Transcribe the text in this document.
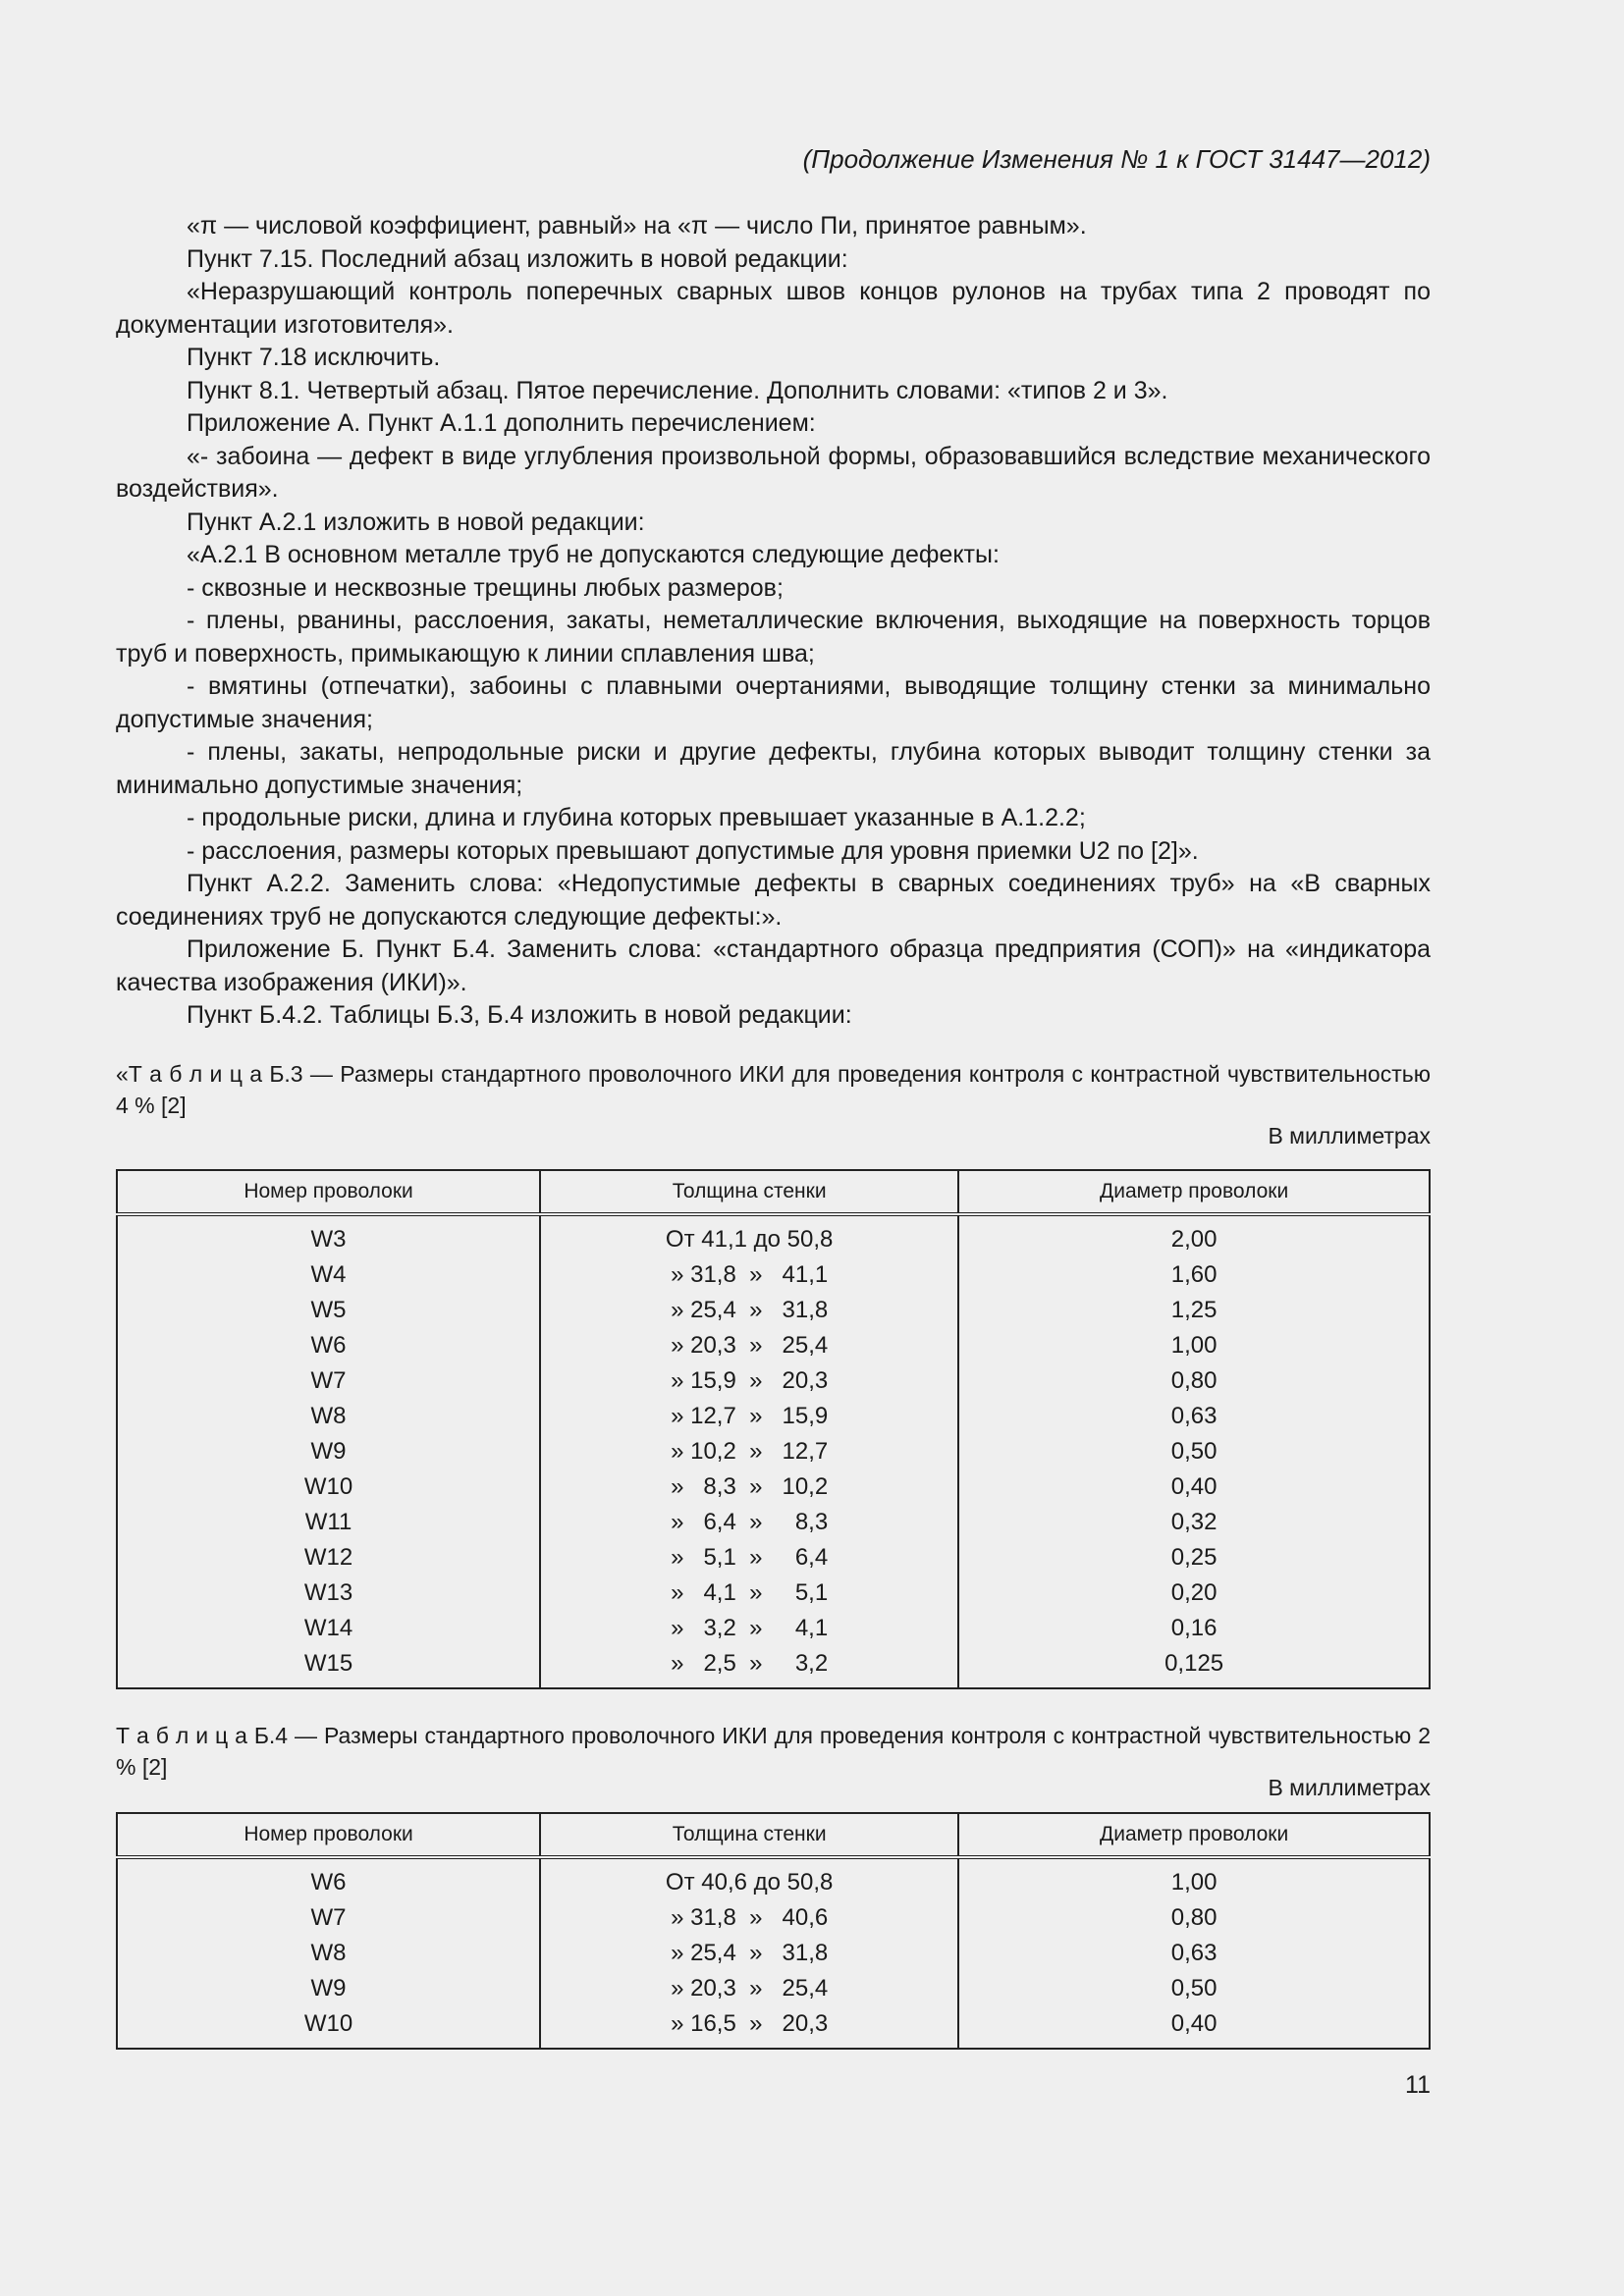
(Продолжение Изменения № 1 к ГОСТ 31447—2012)

«π — числовой коэффициент, равный» на «π — число Пи, принятое равным».

Пункт 7.15. Последний абзац изложить в новой редакции:

«Неразрушающий контроль поперечных сварных швов концов рулонов на трубах типа 2 проводят по документации изготовителя».

Пункт 7.18 исключить.

Пункт 8.1. Четвертый абзац. Пятое перечисление. Дополнить словами: «типов 2 и 3».

Приложение А. Пункт А.1.1 дополнить перечислением:

«- забоина — дефект в виде углубления произвольной формы, образовавшийся вследствие механического воздействия».

Пункт А.2.1 изложить в новой редакции:

«А.2.1 В основном металле труб не допускаются следующие дефекты:

- сквозные и несквозные трещины любых размеров;

- плены, рванины, расслоения, закаты, неметаллические включения, выходящие на поверхность торцов труб и поверхность, примыкающую к линии сплавления шва;

- вмятины (отпечатки), забоины с плавными очертаниями, выводящие толщину стенки за минимально допустимые значения;

- плены, закаты, непродольные риски и другие дефекты, глубина которых выводит толщину стенки за минимально допустимые значения;

- продольные риски, длина и глубина которых превышает указанные в А.1.2.2;

- расслоения, размеры которых превышают допустимые для уровня приемки U2 по [2]».

Пункт А.2.2. Заменить слова: «Недопустимые дефекты в сварных соединениях труб» на «В сварных соединениях труб не допускаются следующие дефекты:».

Приложение Б. Пункт Б.4. Заменить слова: «стандартного образца предприятия (СОП)» на «индикатора качества изображения (ИКИ)».

Пункт Б.4.2. Таблицы Б.3, Б.4 изложить в новой редакции:

«Т а б л и ц а Б.3 — Размеры стандартного проволочного ИКИ для проведения контроля с контрастной чувствительностью 4 % [2]
В миллиметрах
Номер проволоки	Толщина стенки	Диаметр проволоки
W3	От 41,1 до 50,8	2,00
W4	» 31,8  »   41,1	1,60
W5	» 25,4  »   31,8	1,25
W6	» 20,3  »   25,4	1,00
W7	» 15,9  »   20,3	0,80
W8	» 12,7  »   15,9	0,63
W9	» 10,2  »   12,7	0,50
W10	»   8,3  »   10,2	0,40
W11	»   6,4  »     8,3	0,32
W12	»   5,1  »     6,4	0,25
W13	»   4,1  »     5,1	0,20
W14	»   3,2  »     4,1	0,16
W15	»   2,5  »     3,2	0,125
Т а б л и ц а Б.4 — Размеры стандартного проволочного ИКИ для проведения контроля с контрастной чувствительностью 2 % [2]
В миллиметрах
Номер проволоки	Толщина стенки	Диаметр проволоки
W6	От 40,6 до 50,8	1,00
W7	» 31,8  »   40,6	0,80
W8	» 25,4  »   31,8	0,63
W9	» 20,3  »   25,4	0,50
W10	» 16,5  »   20,3	0,40
11
